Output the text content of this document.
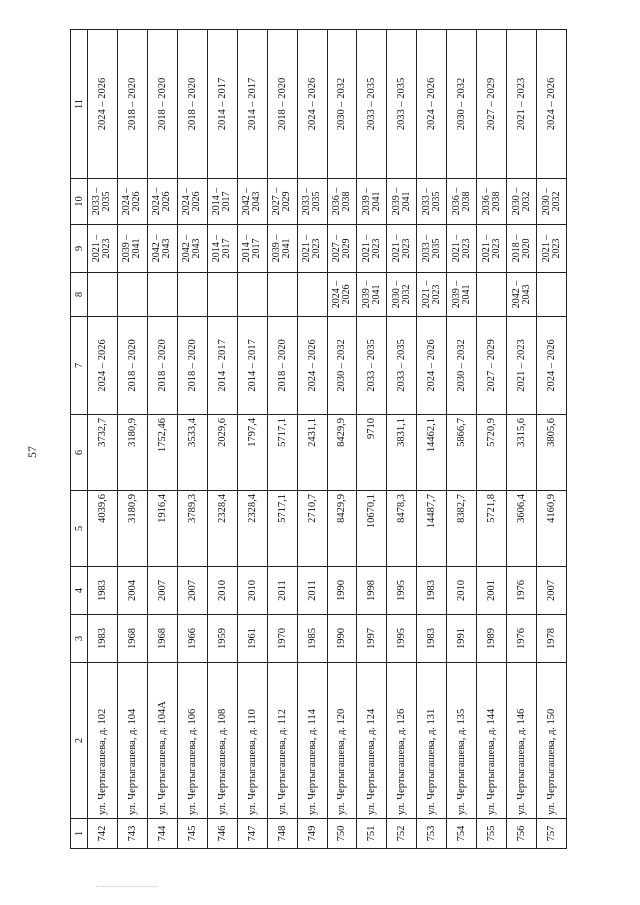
57
1	2	3	4	5	6	7	8	9	10	11
742	ул. Чертыгашева, д. 102	1983	1983	4039,6	3732,7	2024 – 2026		2021 – 2023	2033 – 2035	2024 – 2026
743	ул. Чертыгашева, д. 104	1968	2004	3180,9	3180,9	2018 – 2020		2039 – 2041	2024 – 2026	2018 – 2020
744	ул. Чертыгашева, д. 104А	1968	2007	1916,4	1752,46	2018 – 2020		2042 – 2043	2024 – 2026	2018 – 2020
745	ул. Чертыгашева, д. 106	1966	2007	3789,3	3533,4	2018 – 2020		2042 – 2043	2024 – 2026	2018 – 2020
746	ул. Чертыгашева, д. 108	1959	2010	2328,4	2029,6	2014 – 2017		2014 – 2017	2014 – 2017	2014 – 2017
747	ул. Чертыгашева, д. 110	1961	2010	2328,4	1797,4	2014 – 2017		2014 – 2017	2042 – 2043	2014 – 2017
748	ул. Чертыгашева, д. 112	1970	2011	5717,1	5717,1	2018 – 2020		2039 – 2041	2027 – 2029	2018 – 2020
749	ул. Чертыгашева, д. 114	1985	2011	2710,7	2431,1	2024 – 2026		2021 – 2023	2033 – 2035	2024 – 2026
750	ул. Чертыгашева, д. 120	1990	1990	8429,9	8429,9	2030 – 2032	2024 – 2026	2027 – 2029	2036 – 2038	2030 – 2032
751	ул. Чертыгашева, д. 124	1997	1998	10670,1	9710	2033 – 2035	2039 – 2041	2021 – 2023	2039 – 2041	2033 – 2035
752	ул. Чертыгашева, д. 126	1995	1995	8478,3	3831,1	2033 – 2035	2030 – 2032	2021 – 2023	2039 – 2041	2033 – 2035
753	ул. Чертыгашева, д. 131	1983	1983	14487,7	14462,1	2024 – 2026	2021 – 2023	2033 – 2035	2033 – 2035	2024 – 2026
754	ул. Чертыгашева, д. 135	1991	2010	8382,7	5866,7	2030 – 2032	2039 – 2041	2021 – 2023	2036 – 2038	2030 – 2032
755	ул. Чертыгашева, д. 144	1989	2001	5721,8	5720,9	2027 – 2029		2021 – 2023	2036 – 2038	2027 – 2029
756	ул. Чертыгашева, д. 146	1976	1976	3606,4	3315,6	2021 – 2023	2042 – 2043	2018 – 2020	2030 – 2032	2021 – 2023
757	ул. Чертыгашева, д. 150	1978	2007	4160,9	3805,6	2024 – 2026		2021 – 2023	2030 – 2032	2024 – 2026
